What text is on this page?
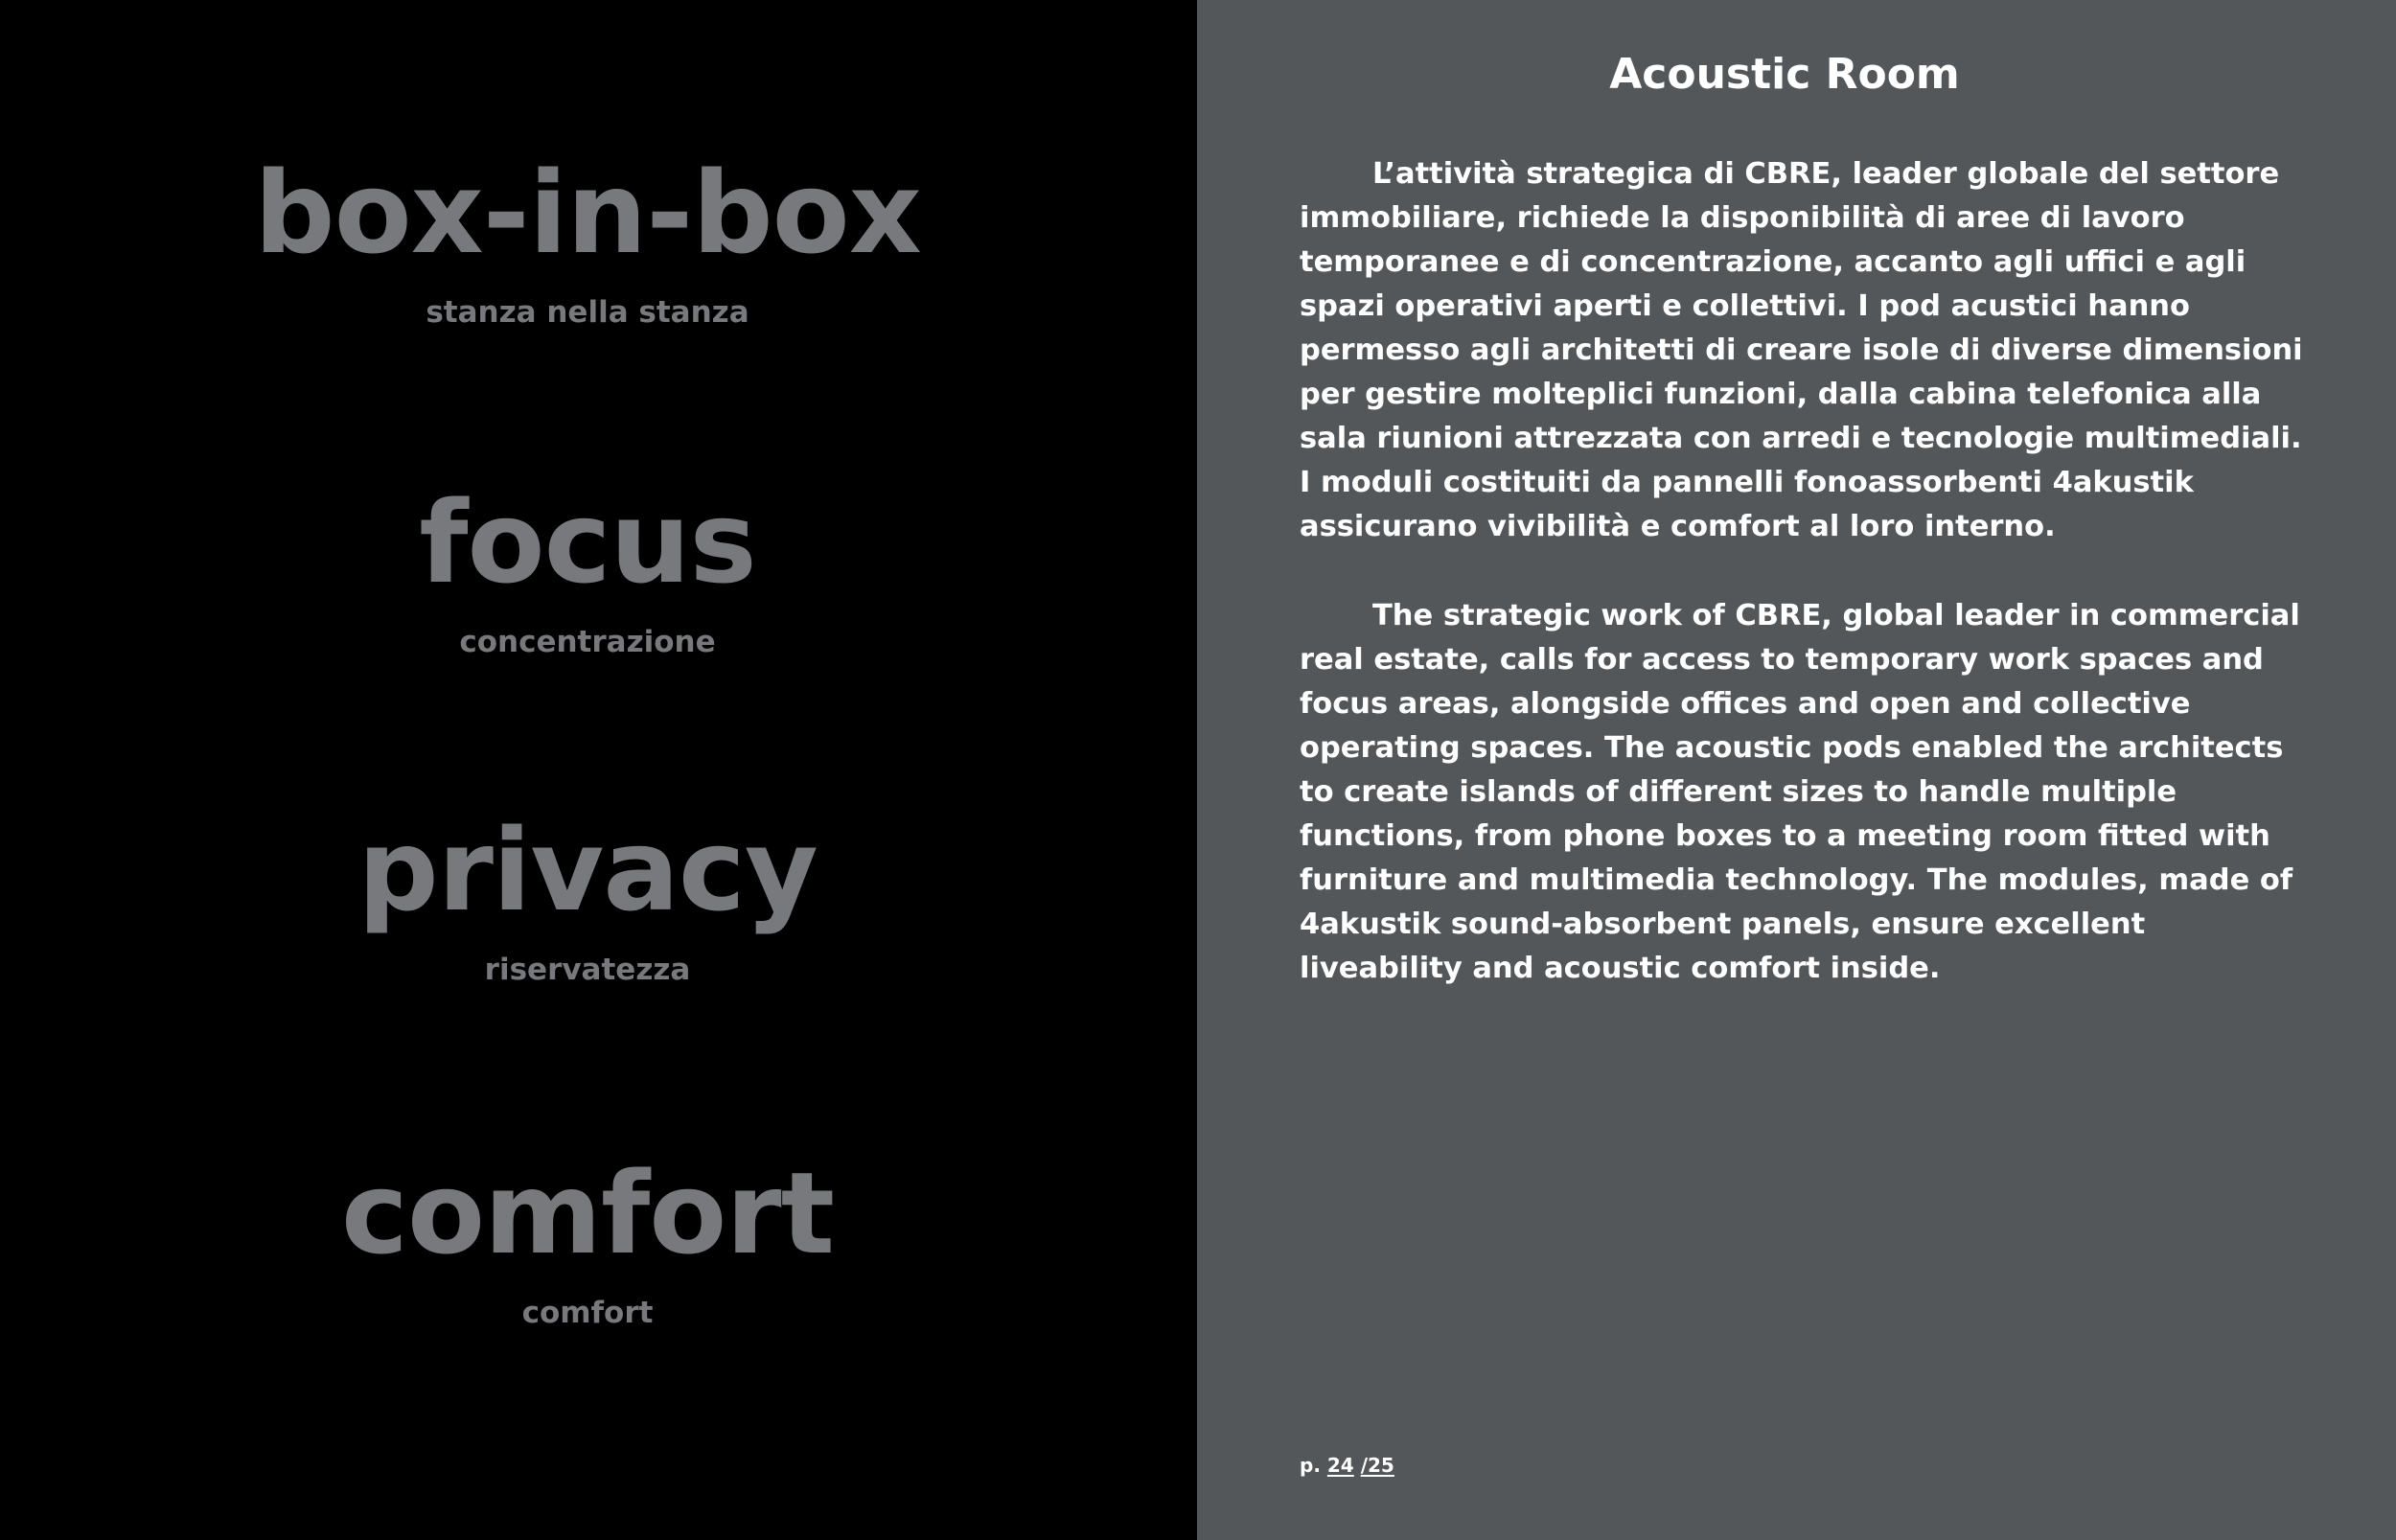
box-in-box
stanza nella stanza
focus
concentrazione
privacy
riservatezza
comfort
comfort
Acoustic Room

L’attività strategica di CBRE, leader globale del settore immobiliare, richiede la disponibilità di aree di lavoro temporanee e di concentrazione, accanto agli uffici e agli spazi operativi aperti e collettivi. I pod acustici hanno permesso agli architetti di creare isole di diverse dimensioni per gestire molteplici funzioni, dalla cabina telefonica alla sala riunioni attrezzata con arredi e tecnologie multimediali. I moduli costituiti da pannelli fonoassorbenti 4akustik assicurano vivibilità e comfort al loro interno.

The strategic work of CBRE, global leader in commercial real estate, calls for access to temporary work spaces and focus areas, alongside offices and open and collective operating spaces. The acoustic pods enabled the architects to create islands of different sizes to handle multiple functions, from phone boxes to a meeting room fitted with furniture and multimedia technology. The modules, made of 4akustik sound-absorbent panels, ensure excellent liveability and acoustic comfort inside.

p. 24 /25
